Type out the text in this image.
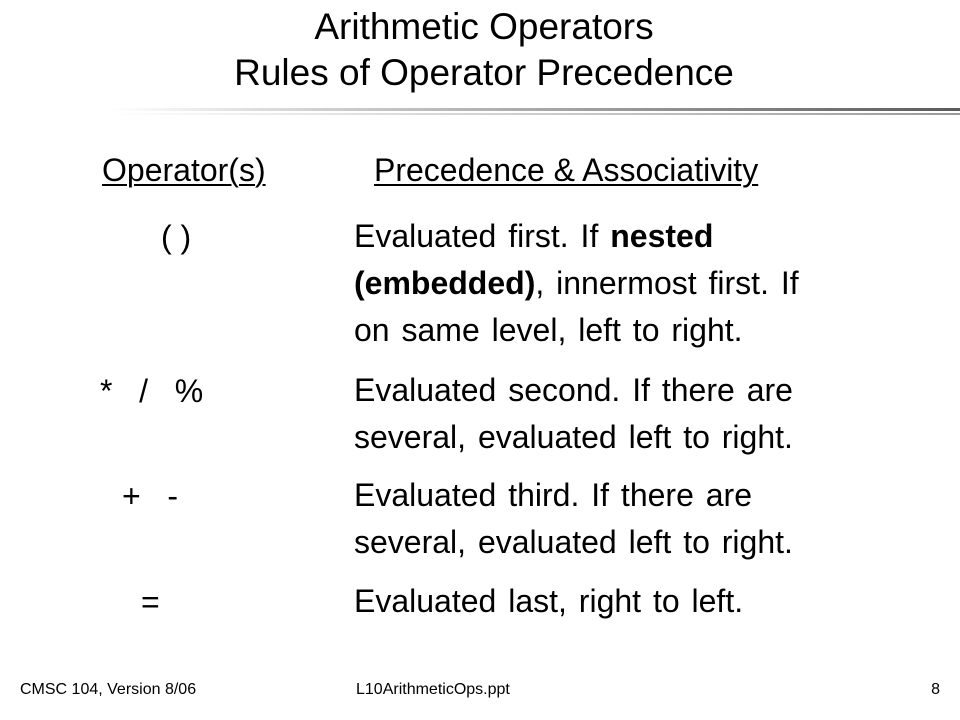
Arithmetic Operators
Rules of Operator Precedence
Operator(s)	Precedence & Associativity
( )	Evaluated first. If nested
(embedded), innermost first. If
on same level, left to right.
*   /   %	Evaluated second. If there are
several, evaluated left to right.
+   -	Evaluated third. If there are
several, evaluated left to right.
=	Evaluated last, right to left.
CMSC 104, Version 8/06	L10ArithmeticOps.ppt	8
